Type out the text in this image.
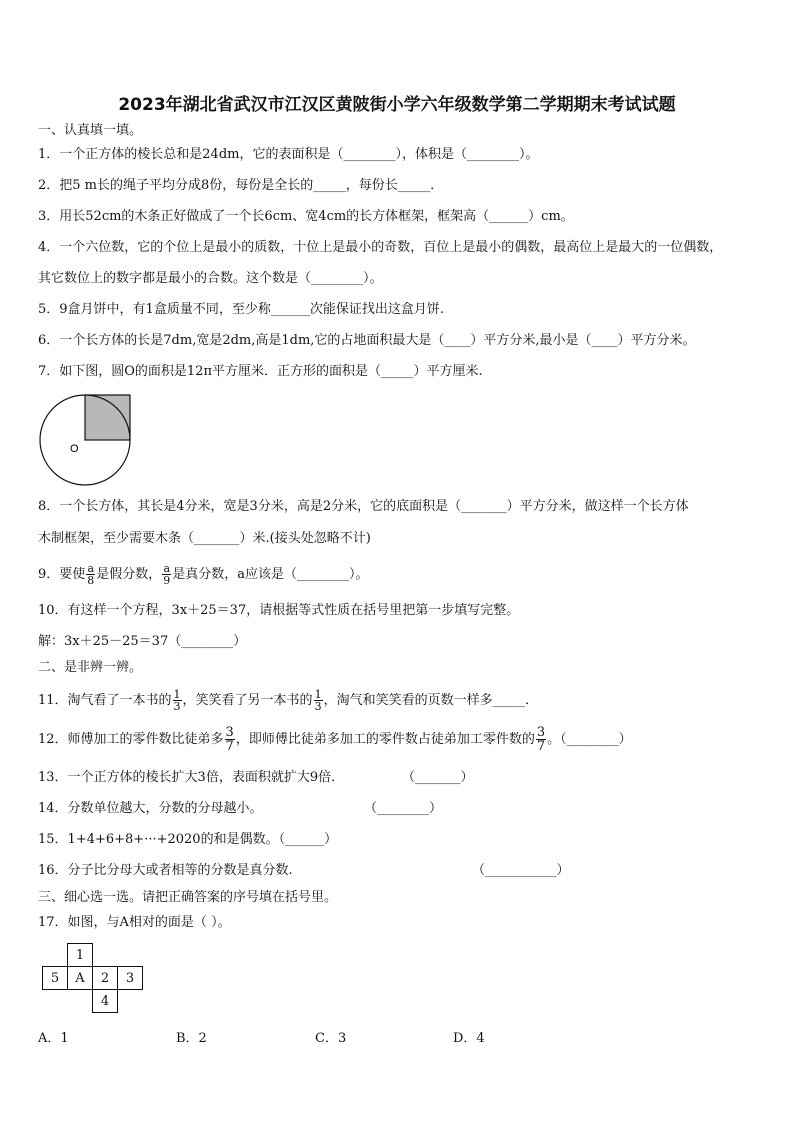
2023年湖北省武汉市江汉区黄陂街小学六年级数学第二学期期末考试试题
一、认真填一填。
1．一个正方体的棱长总和是24dm，它的表面积是（________），体积是（________）。
2．把5 m长的绳子平均分成8份，每份是全长的_____，每份长_____．
3．用长52cm的木条正好做成了一个长6cm、宽4cm的长方体框架，框架高（______）cm。
4．一个六位数，它的个位上是最小的质数，十位上是最小的奇数，百位上是最小的偶数，最高位上是最大的一位偶数，
其它数位上的数字都是最小的合数。这个数是（________）。
5．9盒月饼中，有1盒质量不同，至少称______次能保证找出这盒月饼.
6．一个长方体的长是7dm,宽是2dm,高是1dm,它的占地面积最大是（____）平方分米,最小是（____）平方分米。
7．如下图，圆O的面积是12π平方厘米．正方形的面积是（_____）平方厘米.
O
8．一个长方体，其长是4分米，宽是3分米，高是2分米，它的底面积是（_______）平方分米，做这样一个长方体
木制框架，至少需要木条（_______）米.(接头处忽略不计)
9．要使 $\frac{a}{8}$ 是假分数， $\frac{a}{9}$ 是真分数，a应该是（________）。
10．有这样一个方程，3x＋25＝37，请根据等式性质在括号里把第一步填写完整。
解：3x＋25－25＝37（________）
二、是非辨一辨。
11．淘气看了一本书的 $\frac{1}{3}$ ，笑笑看了另一本书的 $\frac{1}{3}$ ，淘气和笑笑看的页数一样多_____．
12．师傅加工的零件数比徒弟多 $\frac{3}{7}$ ，即师傅比徒弟多加工的零件数占徒弟加工零件数的 $\frac{3}{7}$ 。（________）
13．一个正方体的棱长扩大3倍，表面积就扩大9倍．	（_______）
14．分数单位越大，分数的分母越小。	（________）
15．1+4+6+8+···+2020的和是偶数。（______）
16．分子比分母大或者相等的分数是真分数.	（___________）
三、细心选一选。请把正确答案的序号填在括号里。
17．如图，与A相对的面是（ ）。
	1		
5	A	2	3
		4	
A．1	B．2	C．3	D．4
